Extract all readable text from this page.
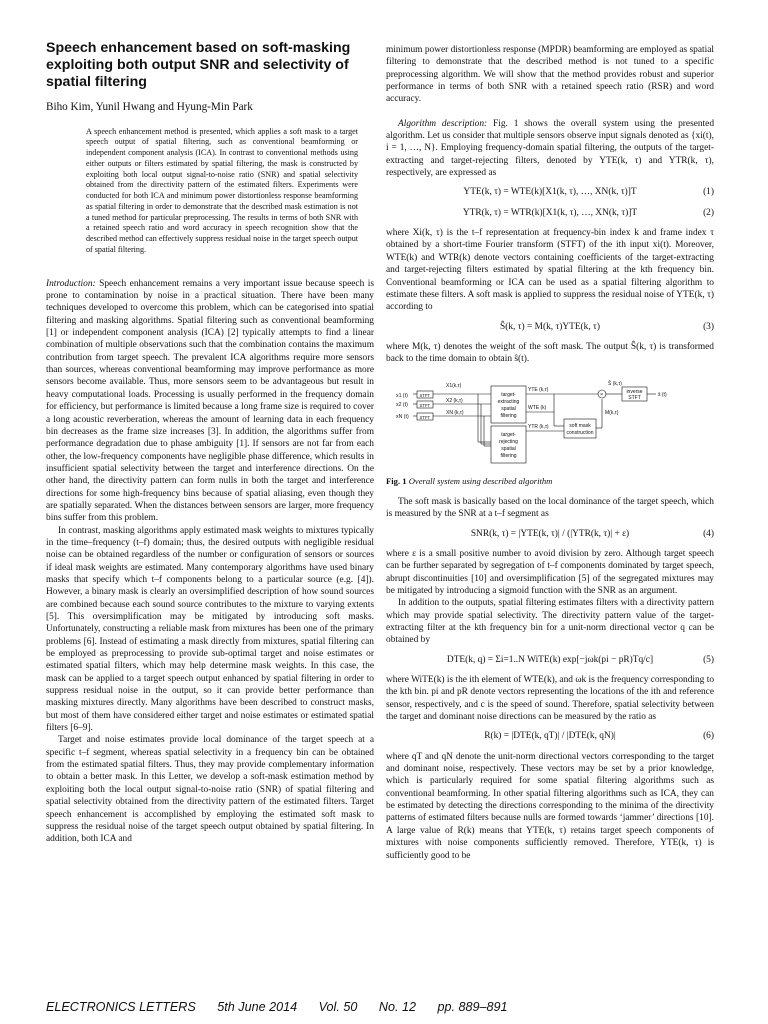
Speech enhancement based on soft-masking exploiting both output SNR and selectivity of spatial filtering
Biho Kim, Yunil Hwang and Hyung-Min Park

A speech enhancement method is presented, which applies a soft mask to a target speech output of spatial filtering, such as conventional beamforming or independent component analysis (ICA). In contrast to conventional methods using either outputs or filters estimated by spatial filtering, the mask is constructed by exploiting both local output signal-to-noise ratio (SNR) and spatial selectivity obtained from the directivity pattern of the estimated filters. Experiments were conducted for both ICA and minimum power distortionless response beamforming as spatial filtering in order to demonstrate that the described mask estimation is not a tuned method for particular preprocessing. The results in terms of both SNR with a retained speech ratio and word accuracy in speech recognition show that the described method can effectively suppress residual noise in the target speech output of spatial filtering.

Introduction: Speech enhancement remains a very important issue because speech is prone to contamination by noise in a practical situation. There have been many techniques developed to overcome this problem, which can be categorised into spatial filtering and masking algorithms. Spatial filtering such as conventional beamforming [1] or independent component analysis (ICA) [2] typically attempts to find a linear combination of multiple observations such that the combination contains the maximum contribution from target speech. The prevalent ICA algorithms require more sensors than sources, whereas conventional beamforming may improve performance as more sensors become available. Thus, more sensors seem to be advantageous but result in heavy computational loads. Processing is usually performed in the frequency domain for efficiency, but performance is limited because a long frame size is required to cover a long acoustic reverberation, whereas the amount of learning data in each frequency bin decreases as the frame size increases [3]. In addition, the algorithms suffer from performance degradation due to phase ambiguity [1]. If sensors are not far from each other, the low-frequency components have negligible phase difference, which results in insufficient spatial selectivity between the target and interference directions. On the other hand, the directivity pattern can form nulls in both the target and interference directions for some high-frequency bins because of spatial aliasing, even though they are spatially separated. When the distances between sensors are larger, more frequency bins suffer from this problem.

In contrast, masking algorithms apply estimated mask weights to mixtures typically in the time–frequency (t–f) domain; thus, the desired outputs with negligible residual noise can be obtained regardless of the number or configuration of sensors or sources if ideal mask weights are estimated. Many contemporary algorithms have used binary masks that specify which t–f components belong to a particular source (e.g. [4]). However, a binary mask is clearly an oversimplified description of how sound sources are combined because each sound source contributes to the mixture to varying extents [5]. This oversimplification may be mitigated by introducing soft masks. Unfortunately, constructing a reliable mask from mixtures has been one of the primary problems [6]. Instead of estimating a mask directly from mixtures, spatial filtering can be employed as preprocessing to provide sub-optimal target and noise estimates or estimated spatial filters, which may help determine mask weights. In this case, the mask can be applied to a target speech output enhanced by spatial filtering in order to suppress residual noise in the output, so it can provide better performance than masking mixtures directly. Many algorithms have been described to construct masks, but most of them have considered either target and noise estimates or estimated spatial filters [6–9].

Target and noise estimates provide local dominance of the target speech at a specific t–f segment, whereas spatial selectivity in a frequency bin can be obtained from the estimated spatial filters. Thus, they may provide complementary information to obtain a better mask. In this Letter, we develop a soft-mask estimation method by exploiting both the local output signal-to-noise ratio (SNR) of spatial filtering and spatial selectivity obtained from the directivity pattern of the estimated filters. Target speech enhancement is accomplished by employing the estimated soft mask to suppress the residual noise of the target speech output obtained by spatial filtering. In addition, both ICA and

minimum power distortionless response (MPDR) beamforming are employed as spatial filtering to demonstrate that the described method is not tuned to a specific preprocessing algorithm. We will show that the method provides robust and superior performance in terms of both SNR with a retained speech ratio (RSR) and word accuracy.

Algorithm description: Fig. 1 shows the overall system using the presented algorithm. Let us consider that multiple sensors observe input signals denoted as {xi(t), i = 1, …, N}. Employing frequency-domain spatial filtering, the outputs of the target-extracting and target-rejecting filters, denoted by YTE(k, τ) and YTR(k, τ), respectively, are expressed as

YTE(k, τ) = WTE(k)[X1(k, τ), …, XN(k, τ)]T	(1)
YTR(k, τ) = WTR(k)[X1(k, τ), …, XN(k, τ)]T	(2)

where Xi(k, τ) is the t–f representation at frequency-bin index k and frame index τ obtained by a short-time Fourier transform (STFT) of the ith input xi(t). Moreover, WTE(k) and WTR(k) denote vectors containing coefficients of the target-extracting and target-rejecting filters estimated by spatial filtering at the kth frequency bin. Conventional beamforming or ICA can be used as a spatial filtering algorithm to estimate these filters. A soft mask is applied to suppress the residual noise of YTE(k, τ) according to

Ŝ(k, τ) = M(k, τ)YTE(k, τ)	(3)

where M(k, τ) denotes the weight of the soft mask. The output Ŝ(k, τ) is transformed back to the time domain to obtain ŝ(t).

x1 (t)
x2 (t)
xN (t)
STFT
STFT
STFT
X1(k,τ)
X2 (k,τ)
XN (k,τ)
target-
extracting
spatial
filtering
target-
rejecting
spatial
filtering
YTE (k,τ)
WTE (k)
YTR (k,τ)	soft mask
construction
M(k,τ)
Ŝ (k,τ)
inverse
STFT	ŝ (t)
×
Fig. 1 Overall system using described algorithm

The soft mask is basically based on the local dominance of the target speech, which is measured by the SNR at a t–f segment as

SNR(k, τ) = |YTE(k, τ)| / (|YTR(k, τ)| + ε)	(4)

where ε is a small positive number to avoid division by zero. Although target speech can be further separated by segregation of t–f components dominated by target speech, abrupt discontinuities [10] and oversimplification [5] of the segregated mixtures may be mitigated by introducing a sigmoid function with the SNR as an argument.

In addition to the outputs, spatial filtering estimates filters with a directivity pattern which may provide spatial selectivity. The directivity pattern value of the target-extracting filter at the kth frequency bin for a unit-norm directional vector q can be obtained by

DTE(k, q) = Σi=1..N WiTE(k) exp[−jωk(pi − pR)Tq/c]	(5)

where WiTE(k) is the ith element of WTE(k), and ωk is the frequency corresponding to the kth bin. pi and pR denote vectors representing the locations of the ith and reference sensor, respectively, and c is the speed of sound. Therefore, spatial selectivity between the target and dominant noise directions can be measured by the ratio as

R(k) = |DTE(k, qT)| / |DTE(k, qN)|	(6)

where qT and qN denote the unit-norm directional vectors corresponding to the target and dominant noise, respectively. These vectors may be set by a prior knowledge, which is particularly required for some spatial filtering algorithms such as conventional beamforming. In other spatial filtering algorithms such as ICA, they can be estimated by detecting the directions corresponding to the minima of the directivity patterns of estimated filters because nulls are formed towards ‘jammer’ directions [10]. A large value of R(k) means that YTE(k, τ) retains target speech components of mixtures with noise components sufficiently removed. Therefore, YTE(k, τ) is sufficiently good to be

ELECTRONICS LETTERS 5th June 2014 Vol. 50 No. 12 pp. 889–891
